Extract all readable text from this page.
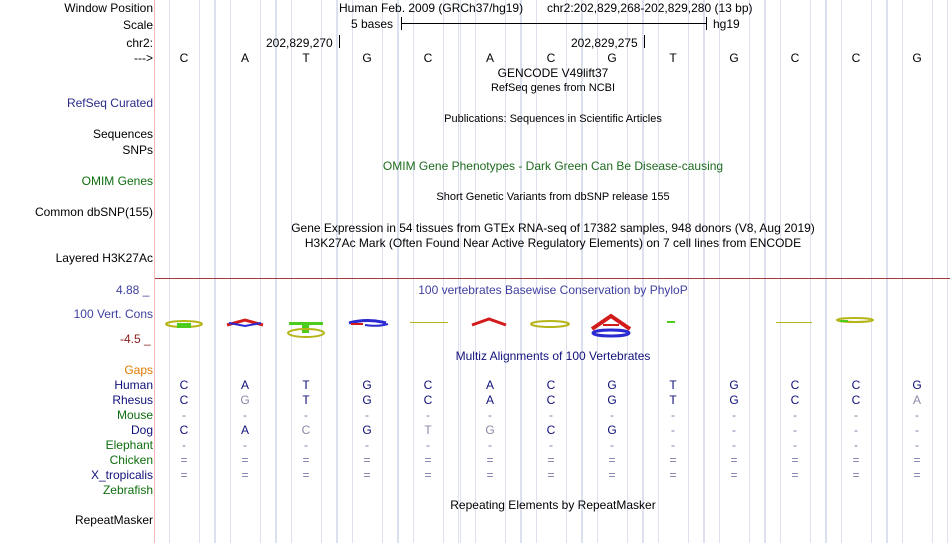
Window Position	Human Feb. 2009 (GRCh37/hg19) chr2:202,829,268-202,829,280 (13 bp)
Scale	5 bases	hg19
chr2:	202,829,270	202,829,275
--->
GENCODE V49lift37
RefSeq genes from NCBI
RefSeq Curated
Publications: Sequences in Scientific Articles
Sequences
SNPs
OMIM Gene Phenotypes - Dark Green Can Be Disease-causing
OMIM Genes
Short Genetic Variants from dbSNP release 155
Common dbSNP(155)
Gene Expression in 54 tissues from GTEx RNA-seq of 17382 samples, 948 donors (V8, Aug 2019)
H3K27Ac Mark (Often Found Near Active Regulatory Elements) on 7 cell lines from ENCODE
Layered H3K27Ac
4.88 _	100 vertebrates Basewise Conservation by PhyloP
100 Vert. Cons
-4.5 _
Multiz Alignments of 100 Vertebrates
Repeating Elements by RepeatMasker
RepeatMasker
C	A	T	G	C	A	C	G	T	G	C	C	G
Gaps
Human	C	A	T	G	C	A	C	G	T	G	C	C	G
Rhesus	C	G	T	G	C	A	C	G	T	G	C	C	A
Mouse	-	-	-	-	-	-	-	-	-	-	-	-	-
Dog	C	A	C	G	T	G	C	G	-	-	-	-	-
Elephant	-	-	-	-	-	-	-	-	-	-	-	-	-
Chicken	=	=	=	=	=	=	=	=	=	=	=	=	=
X_tropicalis	=	=	=	=	=	=	=	=	=	=	=	=	=
Zebrafish
